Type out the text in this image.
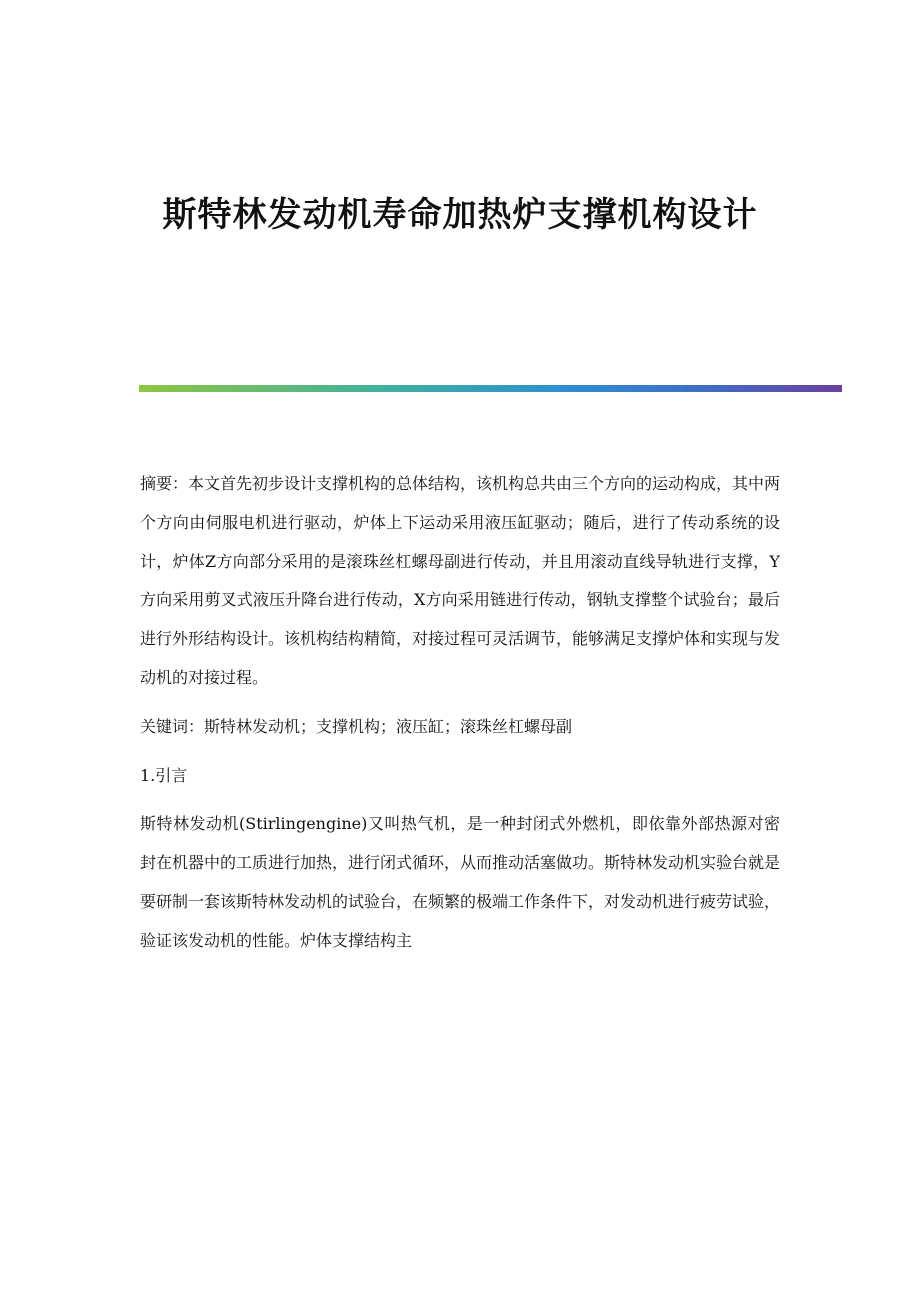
斯特林发动机寿命加热炉支撑机构设计

摘要：本文首先初步设计支撑机构的总体结构，该机构总共由三个方向的运动构成，其中两个方向由伺服电机进行驱动，炉体上下运动采用液压缸驱动；随后，进行了传动系统的设计，炉体Z方向部分采用的是滚珠丝杠螺母副进行传动，并且用滚动直线导轨进行支撑，Y方向采用剪叉式液压升降台进行传动，X方向采用链进行传动，钢轨支撑整个试验台；最后进行外形结构设计。该机构结构精简，对接过程可灵活调节，能够满足支撑炉体和实现与发动机的对接过程。

关键词：斯特林发动机；支撑机构；液压缸；滚珠丝杠螺母副

1.引言

斯特林发动机(Stirlingengine)又叫热气机，是一种封闭式外燃机，即依靠外部热源对密封在机器中的工质进行加热，进行闭式循环，从而推动活塞做功。斯特林发动机实验台就是要研制一套该斯特林发动机的试验台，在频繁的极端工作条件下，对发动机进行疲劳试验，验证该发动机的性能。炉体支撑结构主
